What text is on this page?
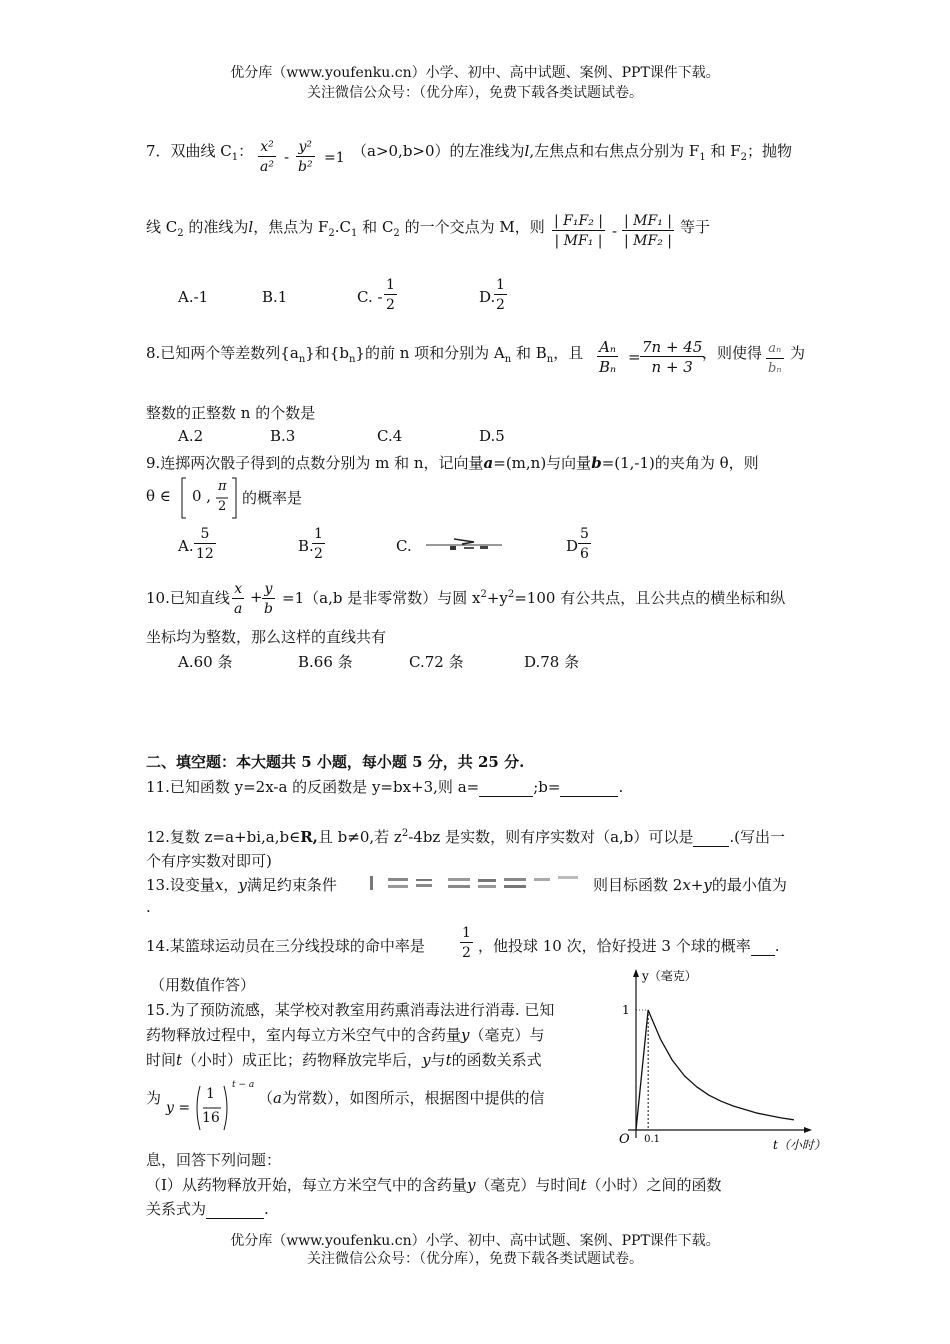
优分库（www.youfenku.cn）小学、初中、高中试题、案例、PPT课件下载。
关注微信公众号：（优分库），免费下载各类试题试卷。
7．双曲线 $C_1$： $\frac{\text{x²}}{\text{a²}} - \frac{\text{y²}}{\text{b²}} =1$ （a>0,b>0）的左准线为l,左焦点和右焦点分别为 $F_1$ 和 $F_2$；抛物
线 $C_2$ 的准线为l，焦点为 $F_2.C_1$ 和 $C_2$ 的一个交点为 M，则 $\frac{\text{| F₁F₂ |}}{\text{| MF₁ |}} - \frac{\text{| MF₁ |}}{\text{| MF₂ |}}$ 等于
A.-1	B.1	C. - $\frac{1}{2}$	D.
$\frac{1}{2}$
8.已知两个等差数列$\{a_n\}$和$\{b_n\}$的前 n 项和分别为 $A_n$ 和 $B_n$，且 $\frac{\text{Aₙ}}{\text{Bₙ}} = \frac{7n + 45}{n + 3}$
，则使得 $\frac{\text{aₙ}}{\text{bₙ}}$ 为
整数的正整数 n 的个数是
A.2	B.3	C.4	D.5
9.连掷两次骰子得到的点数分别为 m 和 n，记向量a=(m,n)与向量b=(1,-1)的夹角为 θ，则
θ ∈ 0 ,
π
2 的概率是
A. $\frac{5}{12}$	B.
$\frac{1}{2}$	C.	D $\frac{5}{6}$
10.已知直线 $\frac{x}{a} + \frac{y}{b} =1(a,b$ 是非零常数）与圆 $x^2+y^2=100$ 有公共点，且公共点的横坐标和纵
坐标均为整数，那么这样的直线共有
A.60 条	B.66 条	C.72 条	D.78 条
二、填空题：本大题共 5 小题，每小题 5 分，共 25 分.
11.已知函数 y=2x-a 的反函数是 y=bx+3,则 a=	;b=	.
12.复数 z=a+bi,a,b∈R,且 b≠0,若 $z^2-4bz$ 是实数，则有序实数对（a,b）可以是 .(写出一
个有序实数对即可)
13.设变量x，y满足约束条件	则目标函数 2x+y的最小值为
.
14.某篮球运动员在三分线投球的命中率是	$\frac{1}{2}$ ，他投球 10 次，恰好投进 3 个球的概率 .
（用数值作答）
15.为了预防流感，某学校对教室用药熏消毒法进行消毒. 已知
药物释放过程中，室内每立方米空气中的含药量y（毫克）与
时间t（小时）成正比；药物释放完毕后，y与t的函数关系式
为
y =
1
16
t − a
（a为常数），如图所示，根据图中提供的信
息，回答下列问题：
（Ⅰ）从药物释放开始，每立方米空气中的含药量y（毫克）与时间t（小时）之间的函数
关系式为	.
y（毫克）
t（小时）
O 0.1
1
优分库（www.youfenku.cn）小学、初中、高中试题、案例、PPT课件下载。
关注微信公众号：（优分库），免费下载各类试题试卷。
